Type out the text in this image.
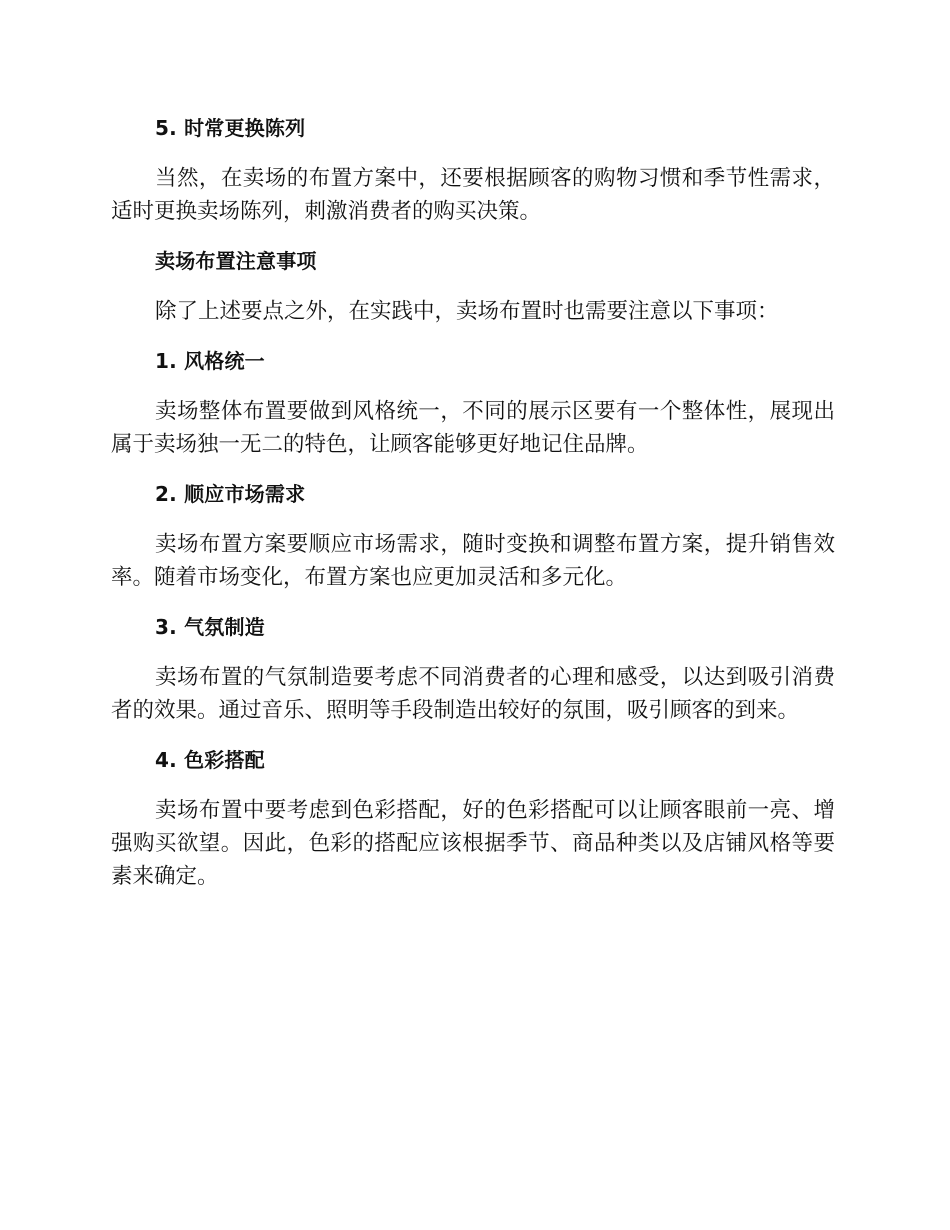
5. 时常更换陈列
当然，在卖场的布置方案中，还要根据顾客的购物习惯和季节性需求，适时更换卖场陈列，刺激消费者的购买决策。
卖场布置注意事项
除了上述要点之外，在实践中，卖场布置时也需要注意以下事项：
1. 风格统一
卖场整体布置要做到风格统一，不同的展示区要有一个整体性，展现出属于卖场独一无二的特色，让顾客能够更好地记住品牌。
2. 顺应市场需求
卖场布置方案要顺应市场需求，随时变换和调整布置方案，提升销售效率。随着市场变化，布置方案也应更加灵活和多元化。
3. 气氛制造
卖场布置的气氛制造要考虑不同消费者的心理和感受，以达到吸引消费者的效果。通过音乐、照明等手段制造出较好的氛围，吸引顾客的到来。
4. 色彩搭配
卖场布置中要考虑到色彩搭配，好的色彩搭配可以让顾客眼前一亮、增强购买欲望。因此，色彩的搭配应该根据季节、商品种类以及店铺风格等要素来确定。
